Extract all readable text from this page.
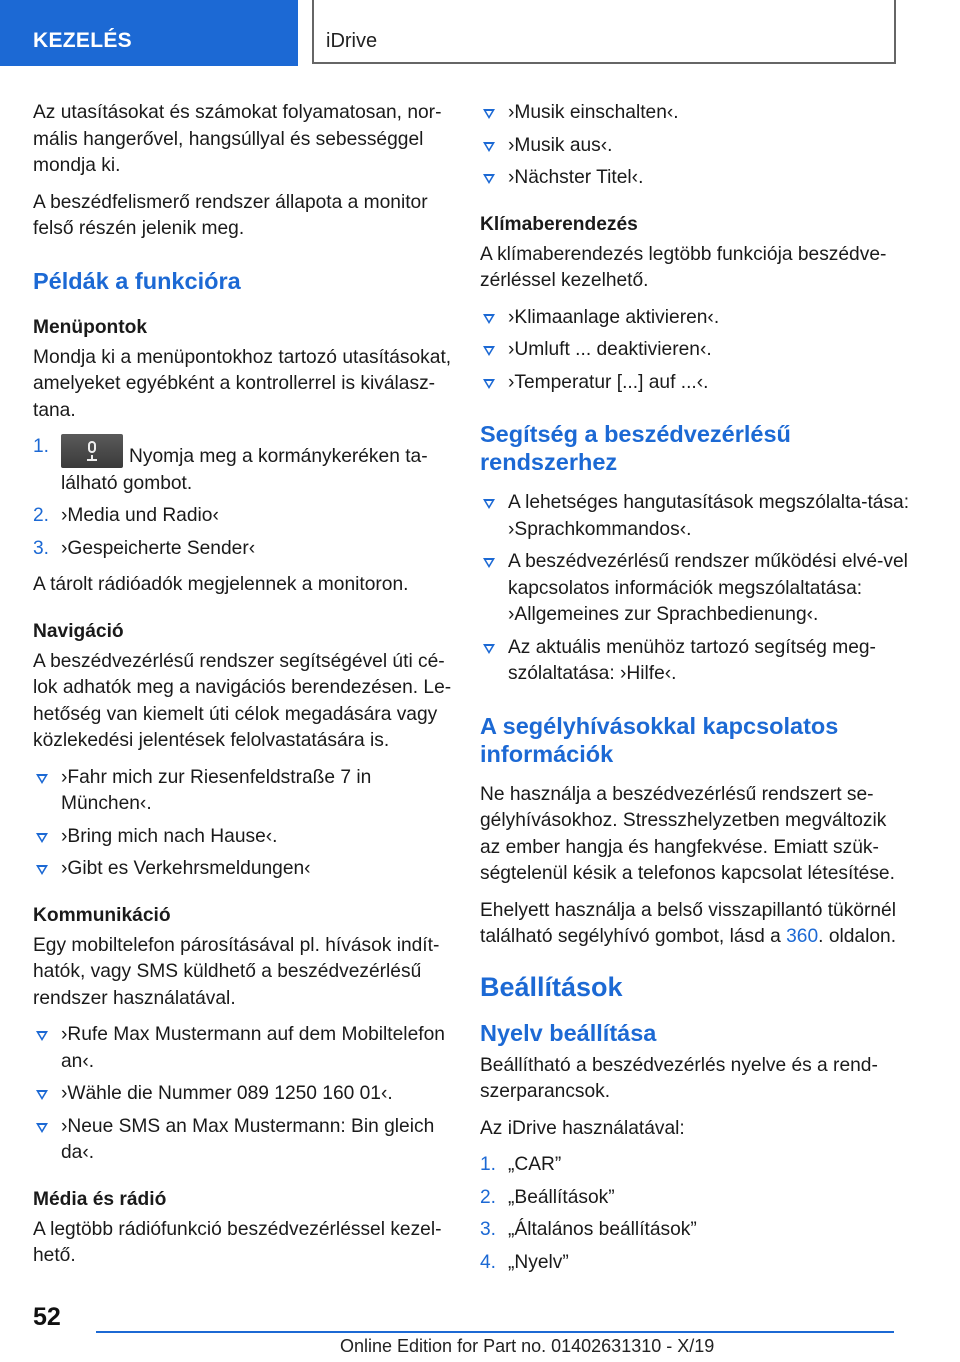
KEZELÉS	iDrive

Az utasításokat és számokat folyamatosan, nor-mális hangerővel, hangsúllyal és sebességgel mondja ki.

A beszédfelismerő rendszer állapota a monitor felső részén jelenik meg.

Példák a funkcióra
Menüpontok

Mondja ki a menüpontokhoz tartozó utasításokat, amelyeket egyébként a kontrollerrel is kiválasz-tana.

1.	Nyomja meg a kormánykeréken ta-lálható gombot.
2. ›Media und Radio‹
3. ›Gespeicherte Sender‹

A tárolt rádióadók megjelennek a monitoron.

Navigáció

A beszédvezérlésű rendszer segítségével úti cé-lok adhatók meg a navigációs berendezésen. Le-hetőség van kiemelt úti célok megadására vagy közlekedési jelentések felolvastatására is.

›Fahr mich zur Riesenfeldstraße 7 in München‹.
›Bring mich nach Hause‹.
›Gibt es Verkehrsmeldungen‹
Kommunikáció

Egy mobiltelefon párosításával pl. hívások indít-hatók, vagy SMS küldhető a beszédvezérlésű rendszer használatával.

›Rufe Max Mustermann auf dem Mobiltelefon an‹.
›Wähle die Nummer 089 1250 160 01‹.
›Neue SMS an Max Mustermann: Bin gleich da‹.
Média és rádió

A legtöbb rádiófunkció beszédvezérléssel kezel-hető.

›Musik einschalten‹.
›Musik aus‹.
›Nächster Titel‹.
Klímaberendezés

A klímaberendezés legtöbb funkciója beszédve-zérléssel kezelhető.

›Klimaanlage aktivieren‹.
›Umluft ... deaktivieren‹.
›Temperatur [...] auf ...‹.
Segítség a beszédvezérlésű rendszerhez
A lehetséges hangutasítások megszólalta-tása: ›Sprachkommandos‹.
A beszédvezérlésű rendszer működési elvé-vel kapcsolatos információk megszólaltatása: ›Allgemeines zur Sprachbedienung‹.
Az aktuális menühöz tartozó segítség meg-szólaltatása: ›Hilfe‹.
A segélyhívásokkal kapcsolatos információk

Ne használja a beszédvezérlésű rendszert se-gélyhívásokhoz. Stresszhelyzetben megváltozik az ember hangja és hangfekvése. Emiatt szük-ségtelenül késik a telefonos kapcsolat létesítése.

Ehelyett használja a belső visszapillantó tükörnél található segélyhívó gombot, lásd a 360. oldalon.

Beállítások
Nyelv beállítása

Beállítható a beszédvezérlés nyelve és a rend-szerparancsok.

Az iDrive használatával:

1. „CAR”
2. „Beállítások”
3. „Általános beállítások”
4. „Nyelv”
52
Online Edition for Part no. 01402631310 - X/19
